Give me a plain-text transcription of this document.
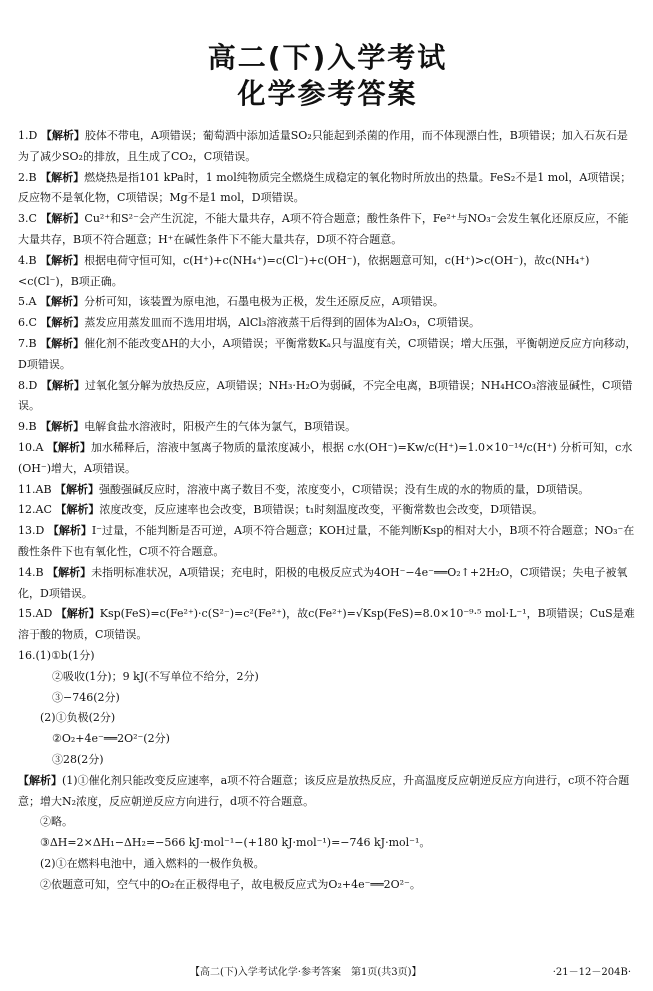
高二(下)入学考试
化学参考答案

1.D 【解析】胶体不带电，A项错误；葡萄酒中添加适量SO₂只能起到杀菌的作用，而不体现漂白性，B项错误；加入石灰石是为了减少SO₂的排放，且生成了CO₂，C项错误。

2.B 【解析】燃烧热是指101 kPa时，1 mol纯物质完全燃烧生成稳定的氧化物时所放出的热量。FeS₂不是1 mol，A项错误；反应物不是氧化物，C项错误；Mg不是1 mol，D项错误。

3.C 【解析】Cu²⁺和S²⁻会产生沉淀，不能大量共存，A项不符合题意；酸性条件下，Fe²⁺与NO₃⁻会发生氧化还原反应，不能大量共存，B项不符合题意；H⁺在碱性条件下不能大量共存，D项不符合题意。

4.B 【解析】根据电荷守恒可知，c(H⁺)+c(NH₄⁺)=c(Cl⁻)+c(OH⁻)，依据题意可知，c(H⁺)>c(OH⁻)，故c(NH₄⁺)<c(Cl⁻)，B项正确。

5.A 【解析】分析可知，该装置为原电池，石墨电极为正极，发生还原反应，A项错误。

6.C 【解析】蒸发应用蒸发皿而不选用坩埚，AlCl₃溶液蒸干后得到的固体为Al₂O₃，C项错误。

7.B 【解析】催化剂不能改变ΔH的大小，A项错误；平衡常数Kₐ只与温度有关，C项错误；增大压强，平衡朝逆反应方向移动，D项错误。

8.D 【解析】过氧化氢分解为放热反应，A项错误；NH₃·H₂O为弱碱，不完全电离，B项错误；NH₄HCO₃溶液显碱性，C项错误。

9.B 【解析】电解食盐水溶液时，阳极产生的气体为氯气，B项错误。

10.A 【解析】加水稀释后，溶液中氢离子物质的量浓度减小，根据 c水(OH⁻)=Kw/c(H⁺)=1.0×10⁻¹⁴/c(H⁺) 分析可知，c水(OH⁻)增大，A项错误。

11.AB 【解析】强酸强碱反应时，溶液中离子数目不变，浓度变小，C项错误；没有生成的水的物质的量，D项错误。

12.AC 【解析】浓度改变，反应速率也会改变，B项错误；t₁时刻温度改变，平衡常数也会改变，D项错误。

13.D 【解析】I⁻过量，不能判断是否可逆，A项不符合题意；KOH过量，不能判断Ksp的相对大小，B项不符合题意；NO₃⁻在酸性条件下也有氧化性，C项不符合题意。

14.B 【解析】未指明标准状况，A项错误；充电时，阳极的电极反应式为4OH⁻−4e⁻══O₂↑+2H₂O，C项错误；失电子被氧化，D项错误。

15.AD 【解析】Ksp(FeS)=c(Fe²⁺)·c(S²⁻)=c²(Fe²⁺)，故c(Fe²⁺)=√Ksp(FeS)=8.0×10⁻⁹·⁵ mol·L⁻¹，B项错误；CuS是难溶于酸的物质，C项错误。

16.(1)①b(1分)

②吸收(1分)；9 kJ(不写单位不给分，2分)

③−746(2分)

(2)①负极(2分)

②O₂+4e⁻══2O²⁻(2分)

③28(2分)

【解析】(1)①催化剂只能改变反应速率，a项不符合题意；该反应是放热反应，升高温度反应朝逆反应方向进行，c项不符合题意；增大N₂浓度，反应朝逆反应方向进行，d项不符合题意。

②略。

③ΔH=2×ΔH₁−ΔH₂=−566 kJ·mol⁻¹−(+180 kJ·mol⁻¹)=−746 kJ·mol⁻¹。

(2)①在燃料电池中，通入燃料的一极作负极。

②依题意可知，空气中的O₂在正极得电子，故电极反应式为O₂+4e⁻══2O²⁻。

【高二(下)入学考试化学·参考答案　第1页(共3页)】	·21－12－204B·
